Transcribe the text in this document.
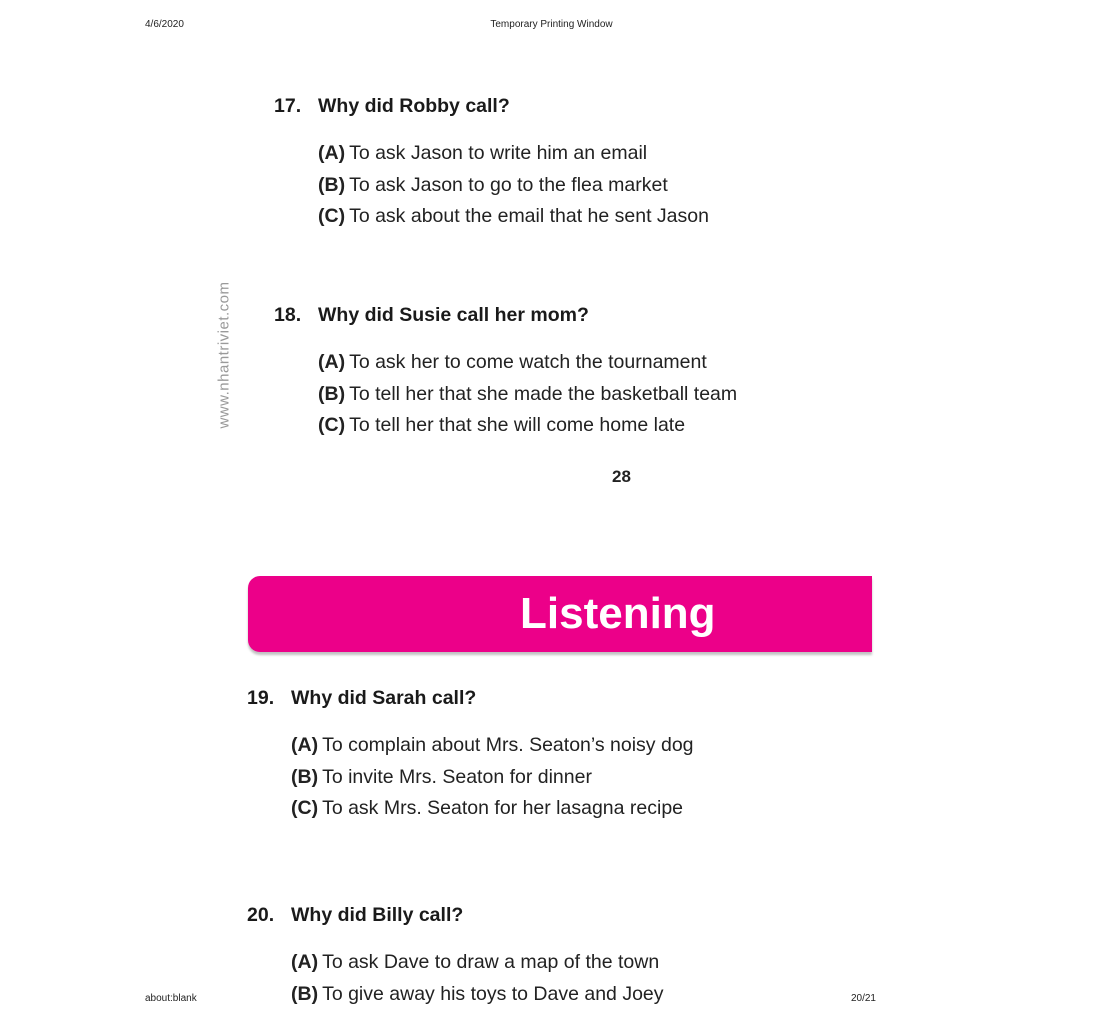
4/6/2020	Temporary Printing Window
www.nhantriviet.com
17. Why did Robby call?
(A) To ask Jason to write him an email
(B) To ask Jason to go to the flea market
(C) To ask about the email that he sent Jason
18. Why did Susie call her mom?
(A) To ask her to come watch the tournament
(B) To tell her that she made the basketball team
(C) To tell her that she will come home late
28
Listening
19. Why did Sarah call?
(A) To complain about Mrs. Seaton’s noisy dog
(B) To invite Mrs. Seaton for dinner
(C) To ask Mrs. Seaton for her lasagna recipe
20. Why did Billy call?
(A) To ask Dave to draw a map of the town
(B) To give away his toys to Dave and Joey
about:blank	20/21
